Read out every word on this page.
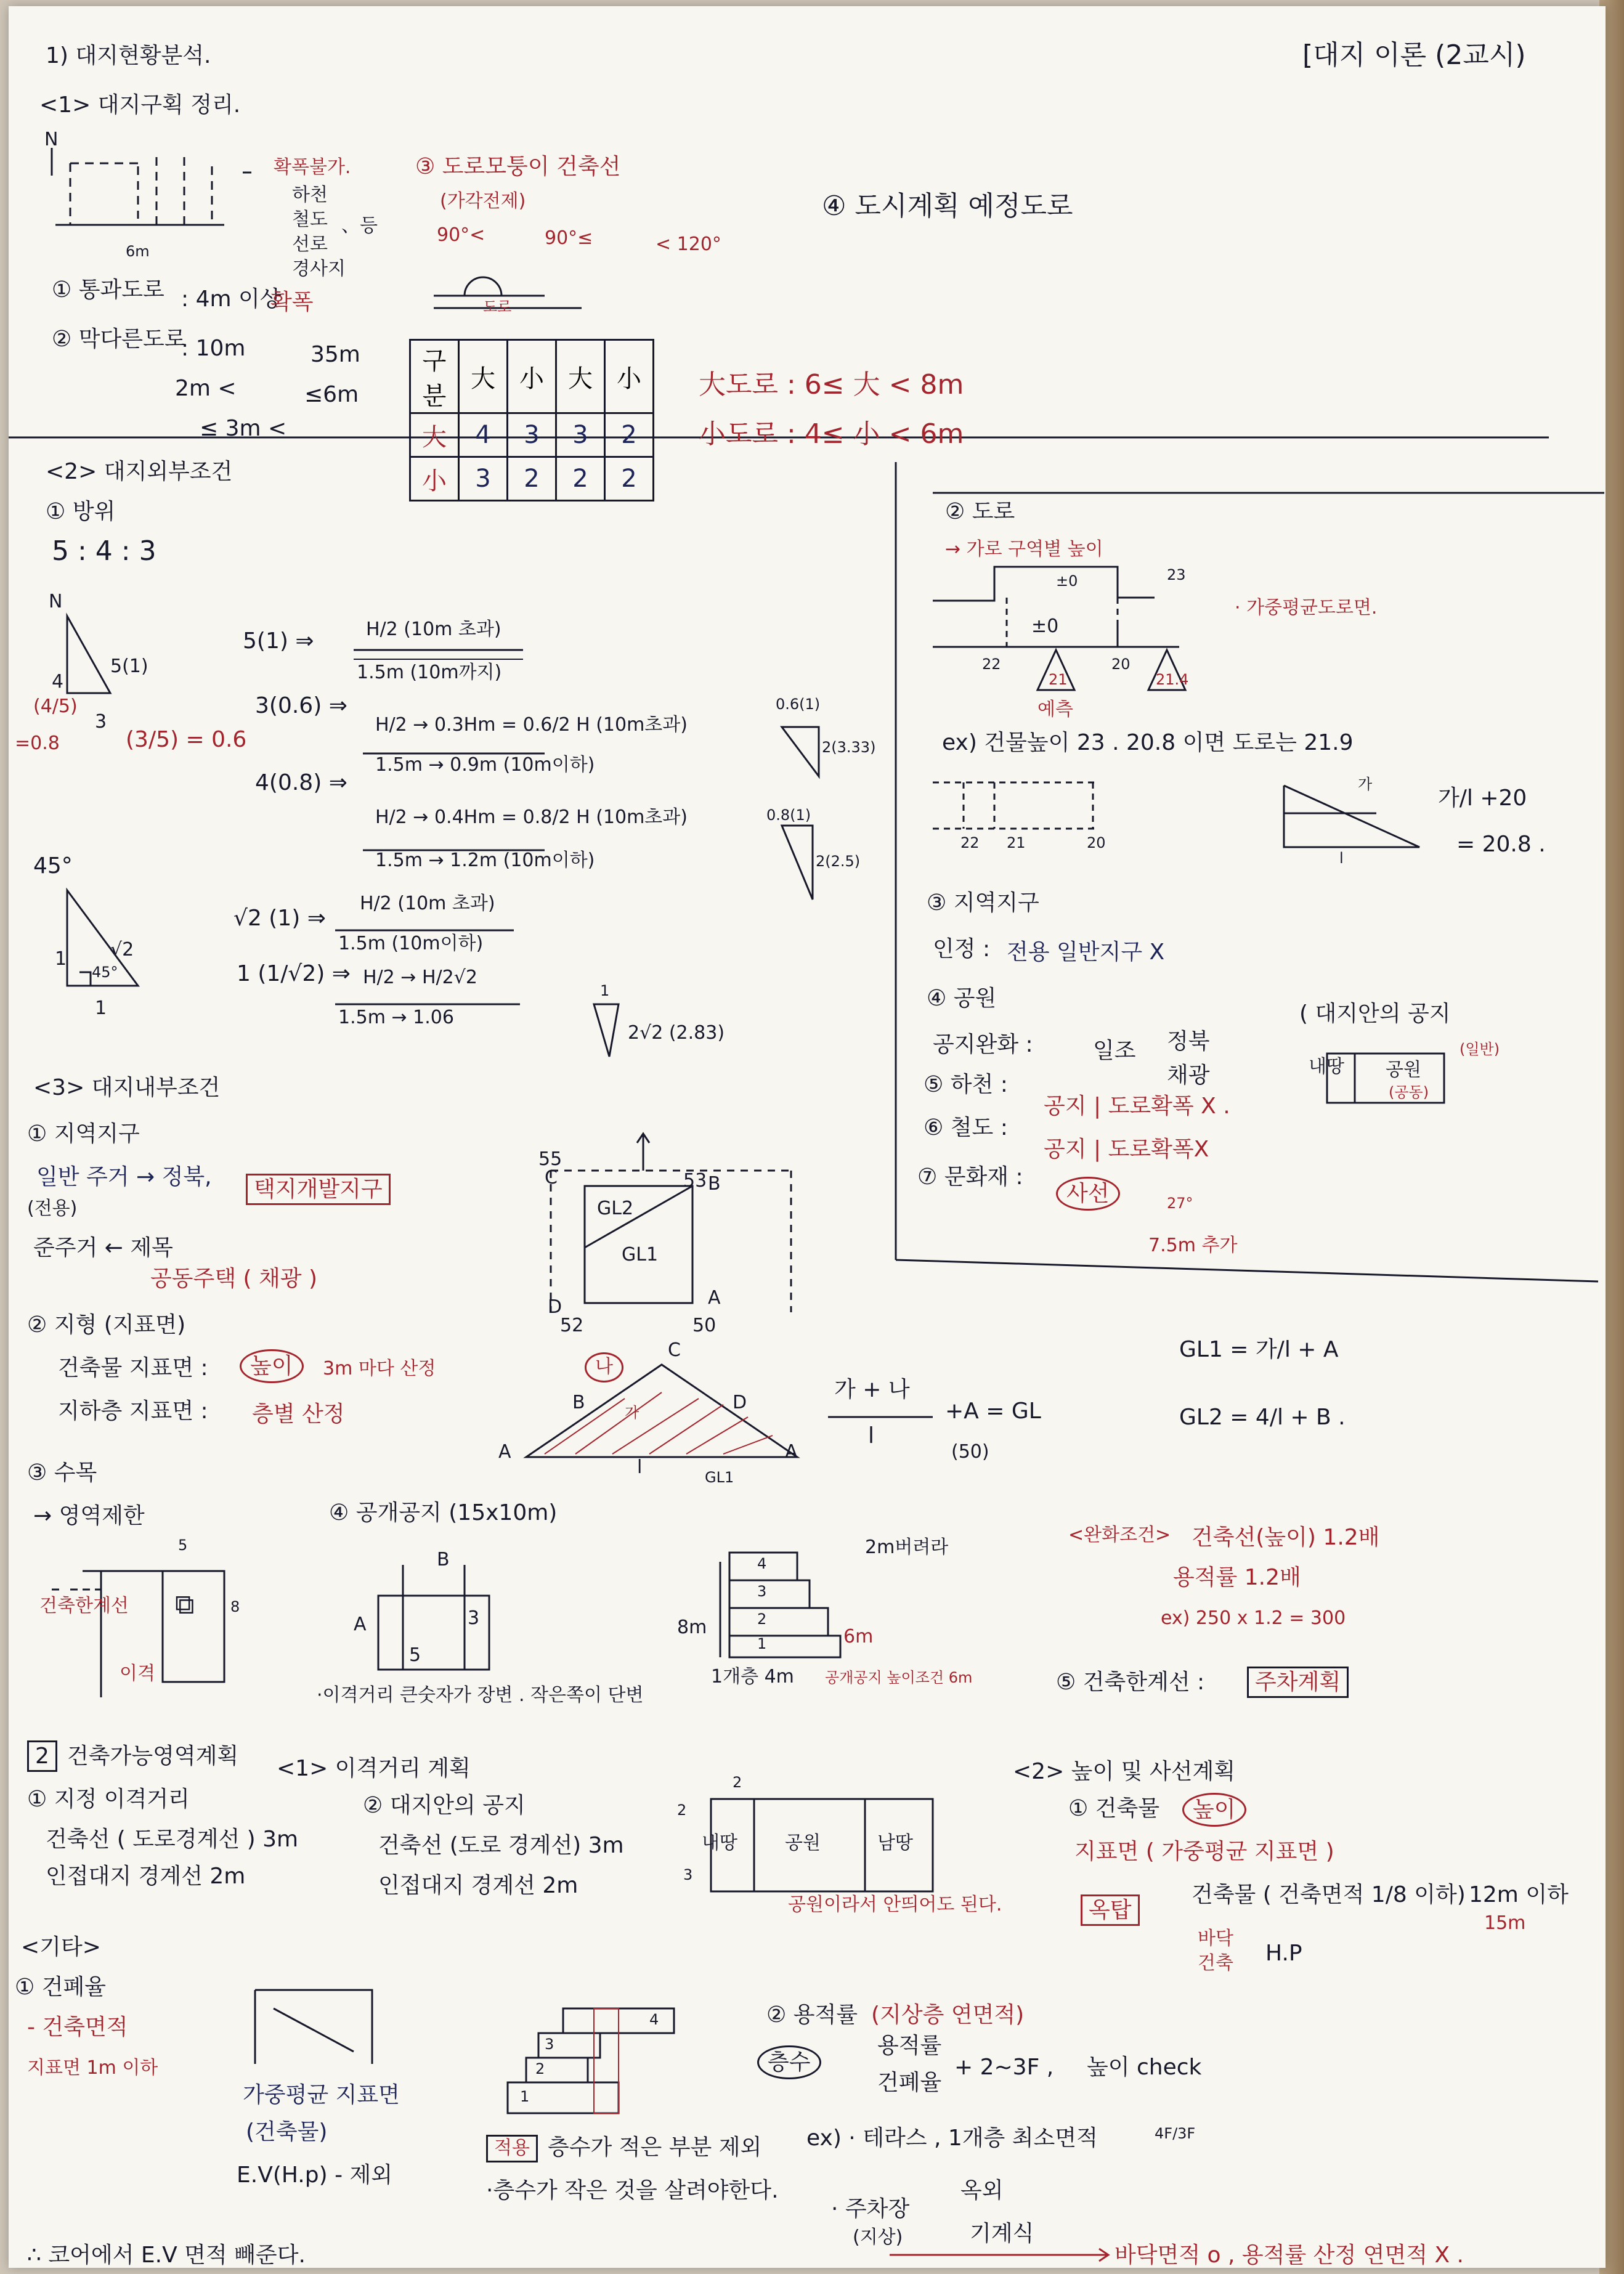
[대지 이론 (2교시)
1) 대지현황분석.
<1> 대지구획 정리.
N
6m
확폭불가.
하천
철도
선로
경사지
、등
① 통과도로 : 4m 이상
확폭
② 막다른도로
: 10m
2m <
≤ 3m <
35m
≤6m
③ 도로모퉁이 건축선
(가각전제)
90°<	90°≤	< 120°
도로
④ 도시계획 예정도로
구분	大	小	大	小
大	4	3	3	2
小	3	2	2	2
大도로 : 6≤ 大 < 8m
小도로 : 4≤ 小 < 6m
<2> 대지외부조건
① 방위
5 : 4 : 3
N
5(1)
4
3
(4/5)
=0.8	(3/5) = 0.6
5(1) ⇒	H/2 (10m 초과)
1.5m (10m까지)
3(0.6) ⇒
H/2 → 0.3Hm = 0.6/2 H (10m초과)
1.5m → 0.9m (10m이하)
4(0.8) ⇒
H/2 → 0.4Hm = 0.8/2 H (10m초과)
1.5m → 1.2m (10m이하)
0.6(1)
2(3.33)
0.8(1)
2(2.5)
45°
√2
1
1
45°
√2 (1) ⇒
H/2 (10m 초과)
1.5m (10m이하)
1 (1/√2) ⇒ H/2 → H/2√2
1.5m → 1.06
1
2√2 (2.83)
② 도로
→ 가로 구역별 높이
23
±0
±0
22	20
21	21.4
예측
· 가중평균도로면.
ex) 건물높이 23 . 20.8 이면 도로는 21.9
22 21	20
가
l
가/l +20
= 20.8 .
③ 지역지구
인정 : 전용 일반지구 X
④ 공원
공지완화 :	일조 정북
채광
⑤ 하천 :
공지 | 도로확폭 X .
⑥ 철도 :
공지 | 도로확폭X
⑦ 문화재 :
사선	27°
7.5m 추가
( 대지안의 공지
내땅 공원
(일반)
(공동)
<3> 대지내부조건
① 지역지구
일반 주거 → 정북,
(전용)
택지개발지구
준주거 ← 제목
공동주택 ( 채광 )
55
C	53 B
GL2
GL1
D
52
A
50
② 지형 (지표면)
건축물 지표면 :	높이	3m 마다 산정
지하층 지표면 : 층별 산정
나
가
C
B	D
A	A
l	GL1
가 + 나
l
+A = GL
(50)
GL1 = 가/l + A
GL2 = 4/l + B .
③ 수목
→ 영역제한
5
8
건축한계선
이격
⧉
④ 공개공지 (15x10m)
B
A
5
3
·이격거리 큰숫자가 장변 . 작은쪽이 단변
4
3
2
1
2m버려라
8m	6m
1개층 4m 공개공지 높이조건 6m
<완화조건> 건축선(높이) 1.2배
용적률 1.2배
ex) 250 x 1.2 = 300
⑤ 건축한계선 :	주차계획
2 건축가능영역계획 <1> 이격거리 계획
① 지정 이격거리
건축선 ( 도로경계선 ) 3m
인접대지 경계선 2m
② 대지안의 공지
건축선 (도로 경계선) 3m
인접대지 경계선 2m
2
2
3
내땅	공원	남땅
공원이라서 안띄어도 된다.
<2> 높이 및 사선계획
① 건축물	높이
지표면 ( 가중평균 지표면 )
옥탑
건축물 ( 건축면적 1/8 이하) 12m 이하
15m
바닥
건축 H.P
<기타>
① 건폐율
- 건축면적
지표면 1m 이하
가중평균 지표면
(건축물)
E.V(H.p) - 제외
4
3
2
1
적용 층수가 적은 부분 제외
·층수가 작은 것을 살려야한다.
② 용적률 (지상층 연면적)
층수
용적률
건폐율
+ 2~3F , 높이 check
ex) · 테라스 , 1개층 최소면적	4F/3F
· 주차장
(지상)
옥외
기계식
바닥면적 o , 용적률 산정 연면적 X .
∴ 코어에서 E.V 면적 빼준다.
